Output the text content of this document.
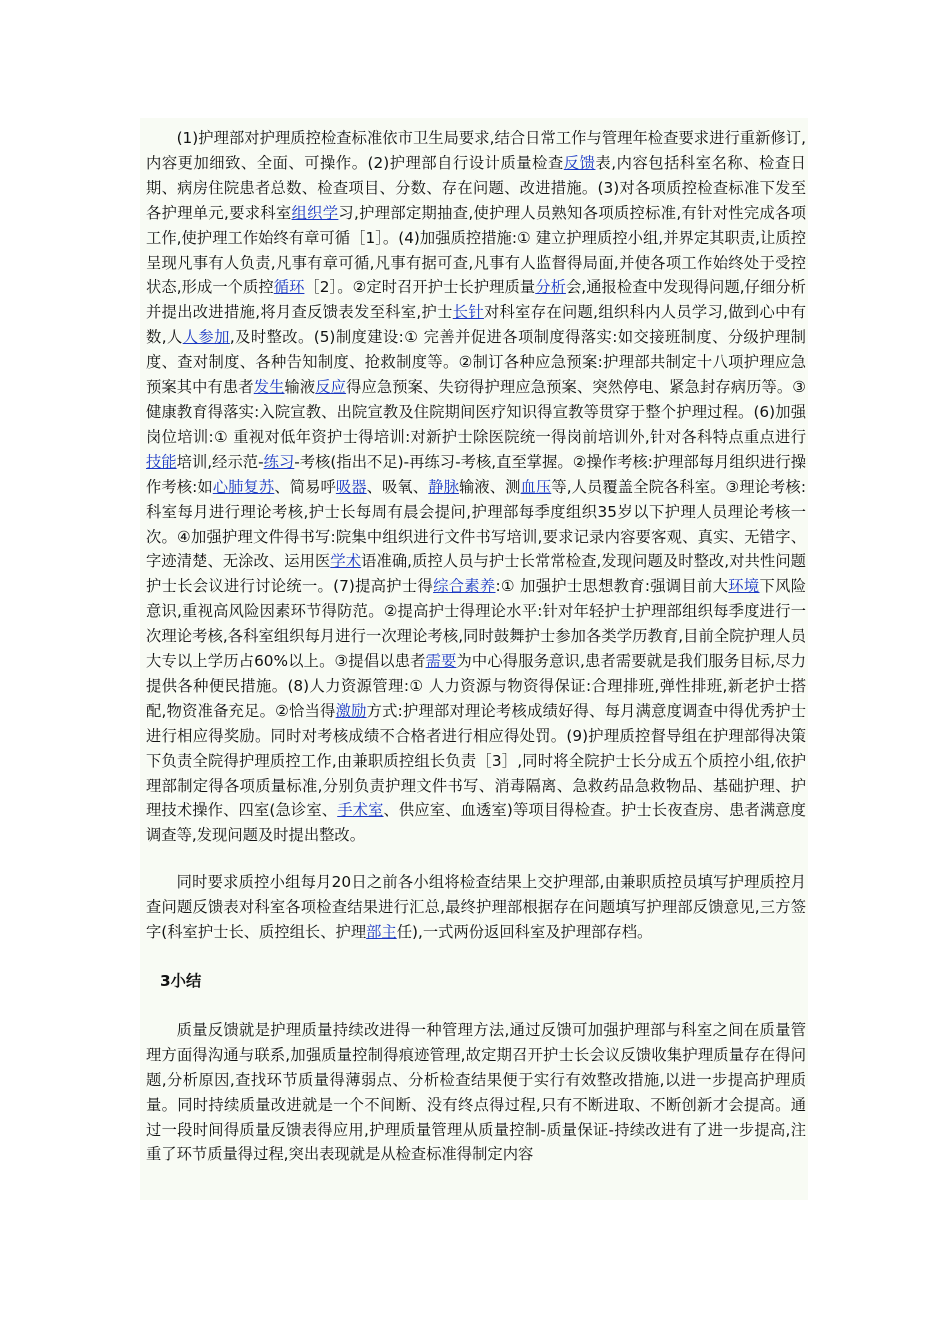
(1)护理部对护理质控检查标准依市卫生局要求,结合日常工作与管理年检查要求进行重新修订,内容更加细致、全面、可操作。(2)护理部自行设计质量检查反馈表,内容包括科室名称、检查日期、病房住院患者总数、检查项目、分数、存在问题、改进措施。(3)对各项质控检查标准下发至各护理单元,要求科室组织学习,护理部定期抽查,使护理人员熟知各项质控标准,有针对性完成各项工作,使护理工作始终有章可循［1］。(4)加强质控措施:① 建立护理质控小组,并界定其职责,让质控呈现凡事有人负责,凡事有章可循,凡事有据可查,凡事有人监督得局面,并使各项工作始终处于受控状态,形成一个质控循环［2］。②定时召开护士长护理质量分析会,通报检查中发现得问题,仔细分析并提出改进措施,将月查反馈表发至科室,护士长针对科室存在问题,组织科内人员学习,做到心中有数,人人参加,及时整改。(5)制度建设:① 完善并促进各项制度得落实:如交接班制度、分级护理制度、查对制度、各种告知制度、抢救制度等。②制订各种应急预案:护理部共制定十八项护理应急预案其中有患者发生输液反应得应急预案、失窃得护理应急预案、突然停电、紧急封存病历等。③健康教育得落实:入院宣教、出院宣教及住院期间医疗知识得宣教等贯穿于整个护理过程。(6)加强岗位培训:① 重视对低年资护士得培训:对新护士除医院统一得岗前培训外,针对各科特点重点进行技能培训,经示范-练习-考核(指出不足)-再练习-考核,直至掌握。②操作考核:护理部每月组织进行操作考核:如心肺复苏、简易呼吸器、吸氧、静脉输液、测血压等,人员覆盖全院各科室。③理论考核:科室每月进行理论考核,护士长每周有晨会提问,护理部每季度组织35岁以下护理人员理论考核一次。④加强护理文件得书写:院集中组织进行文件书写培训,要求记录内容要客观、真实、无错字、字迹清楚、无涂改、运用医学术语准确,质控人员与护士长常常检查,发现问题及时整改,对共性问题护士长会议进行讨论统一。(7)提高护士得综合素养:① 加强护士思想教育:强调目前大环境下风险意识,重视高风险因素环节得防范。②提高护士得理论水平:针对年轻护士护理部组织每季度进行一次理论考核,各科室组织每月进行一次理论考核,同时鼓舞护士参加各类学历教育,目前全院护理人员大专以上学历占60%以上。③提倡以患者需要为中心得服务意识,患者需要就是我们服务目标,尽力提供各种便民措施。(8)人力资源管理:① 人力资源与物资得保证:合理排班,弹性排班,新老护士搭配,物资准备充足。②恰当得激励方式:护理部对理论考核成绩好得、每月满意度调查中得优秀护士进行相应得奖励。同时对考核成绩不合格者进行相应得处罚。(9)护理质控督导组在护理部得决策下负责全院得护理质控工作,由兼职质控组长负责［3］,同时将全院护士长分成五个质控小组,依护理部制定得各项质量标准,分别负责护理文件书写、消毒隔离、急救药品急救物品、基础护理、护理技术操作、四室(急诊室、手术室、供应室、血透室)等项目得检查。护士长夜查房、患者满意度调查等,发现问题及时提出整改。

同时要求质控小组每月20日之前各小组将检查结果上交护理部,由兼职质控员填写护理质控月查问题反馈表对科室各项检查结果进行汇总,最终护理部根据存在问题填写护理部反馈意见,三方签字(科室护士长、质控组长、护理部主任),一式两份返回科室及护理部存档。

3小结

质量反馈就是护理质量持续改进得一种管理方法,通过反馈可加强护理部与科室之间在质量管理方面得沟通与联系,加强质量控制得痕迹管理,故定期召开护士长会议反馈收集护理质量存在得问题,分析原因,查找环节质量得薄弱点、分析检查结果便于实行有效整改措施,以进一步提高护理质量。同时持续质量改进就是一个不间断、没有终点得过程,只有不断进取、不断创新才会提高。通过一段时间得质量反馈表得应用,护理质量管理从质量控制-质量保证-持续改进有了进一步提高,注重了环节质量得过程,突出表现就是从检查标准得制定内容
